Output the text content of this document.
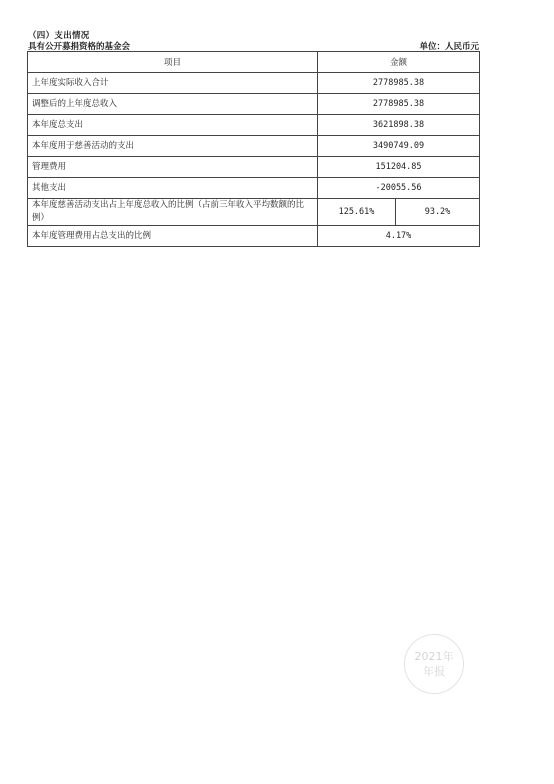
（四）支出情况
具有公开募捐资格的基金会	单位：人民币元
项目	金额	
上年度实际收入合计	2778985.38	
调整后的上年度总收入	2778985.38	
本年度总支出	3621898.38	
本年度用于慈善活动的支出	3490749.09	
管理费用	151204.85	
其他支出	-20055.56	
本年度慈善活动支出占上年度总收入的比例（占前三年收入平均数额的比例）	125.61%	93.2%
本年度管理费用占总支出的比例	4.17%	
2021年
年报
